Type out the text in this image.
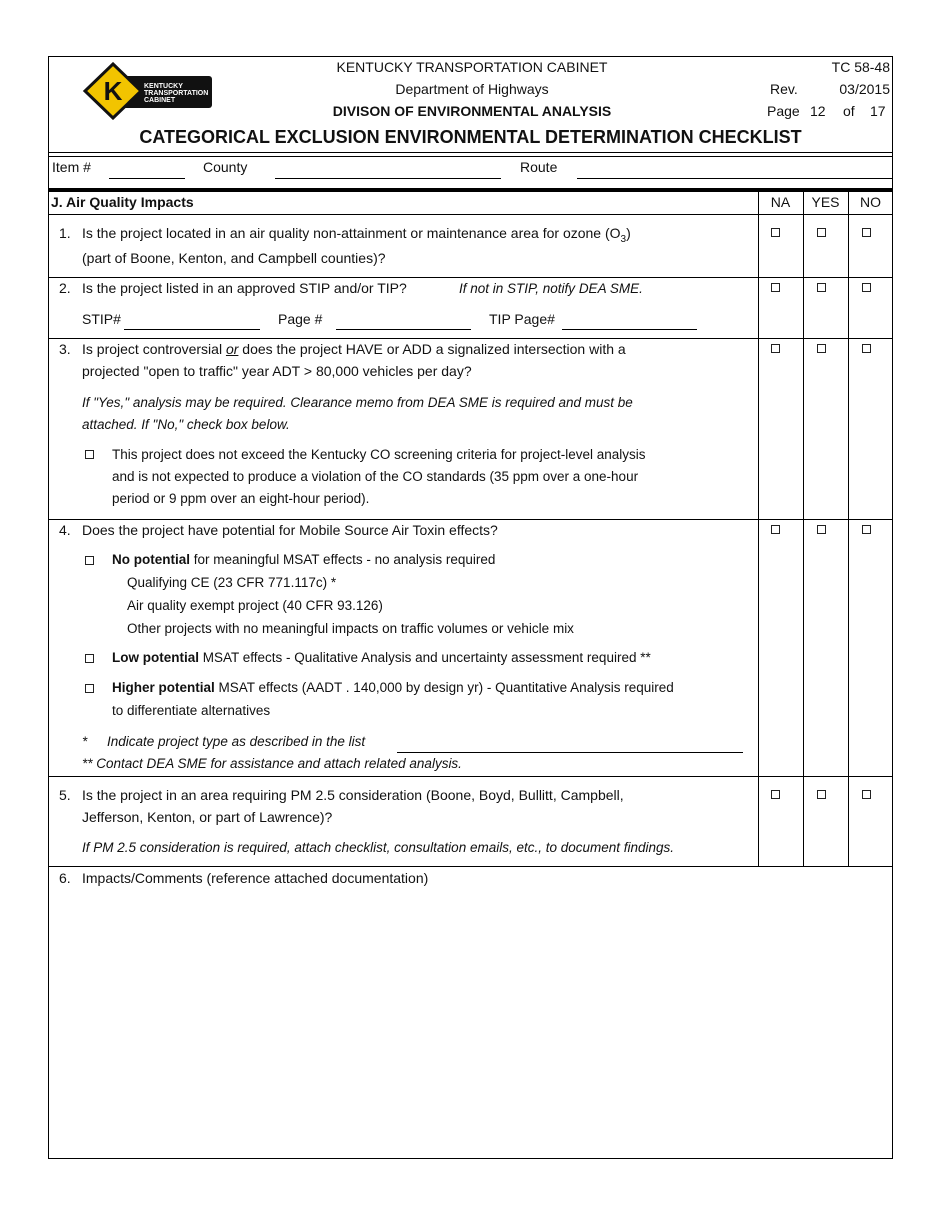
K	KENTUCKY
TRANSPORTATION
CABINET
KENTUCKY TRANSPORTATION CABINET
Department of Highways
DIVISON OF ENVIRONMENTAL ANALYSIS
TC 58-48
Rev.	03/2015
Page 12 of 17
CATEGORICAL EXCLUSION ENVIRONMENTAL DETERMINATION CHECKLIST
Item #	County	Route
J. Air Quality Impacts	NA	YES	NO
1. Is the project located in an air quality non-attainment or maintenance area for ozone $(O_3)$
(part of Boone, Kenton, and Campbell counties)?
2. Is the project listed in an approved STIP and/or TIP?	If not in STIP, notify DEA SME.
STIP#	Page #	TIP Page#
3. Is project controversial or does the project HAVE or ADD a signalized intersection with a
projected "open to traffic" year ADT > 80,000 vehicles per day?
If "Yes," analysis may be required. Clearance memo from DEA SME is required and must be
attached. If "No," check box below.
This project does not exceed the Kentucky CO screening criteria for project-level analysis
and is not expected to produce a violation of the CO standards (35 ppm over a one-hour
period or 9 ppm over an eight-hour period).
4. Does the project have potential for Mobile Source Air Toxin effects?
No potential for meaningful MSAT effects - no analysis required
Qualifying CE (23 CFR 771.117c) *
Air quality exempt project (40 CFR 93.126)
Other projects with no meaningful impacts on traffic volumes or vehicle mix
Low potential MSAT effects - Qualitative Analysis and uncertainty assessment required **
Higher potential MSAT effects (AADT . 140,000 by design yr) - Quantitative Analysis required
to differentiate alternatives
* Indicate project type as described in the list
** Contact DEA SME for assistance and attach related analysis.
5. Is the project in an area requiring PM 2.5 consideration (Boone, Boyd, Bullitt, Campbell,
Jefferson, Kenton, or part of Lawrence)?
If PM 2.5 consideration is required, attach checklist, consultation emails, etc., to document findings.
6. Impacts/Comments (reference attached documentation)
